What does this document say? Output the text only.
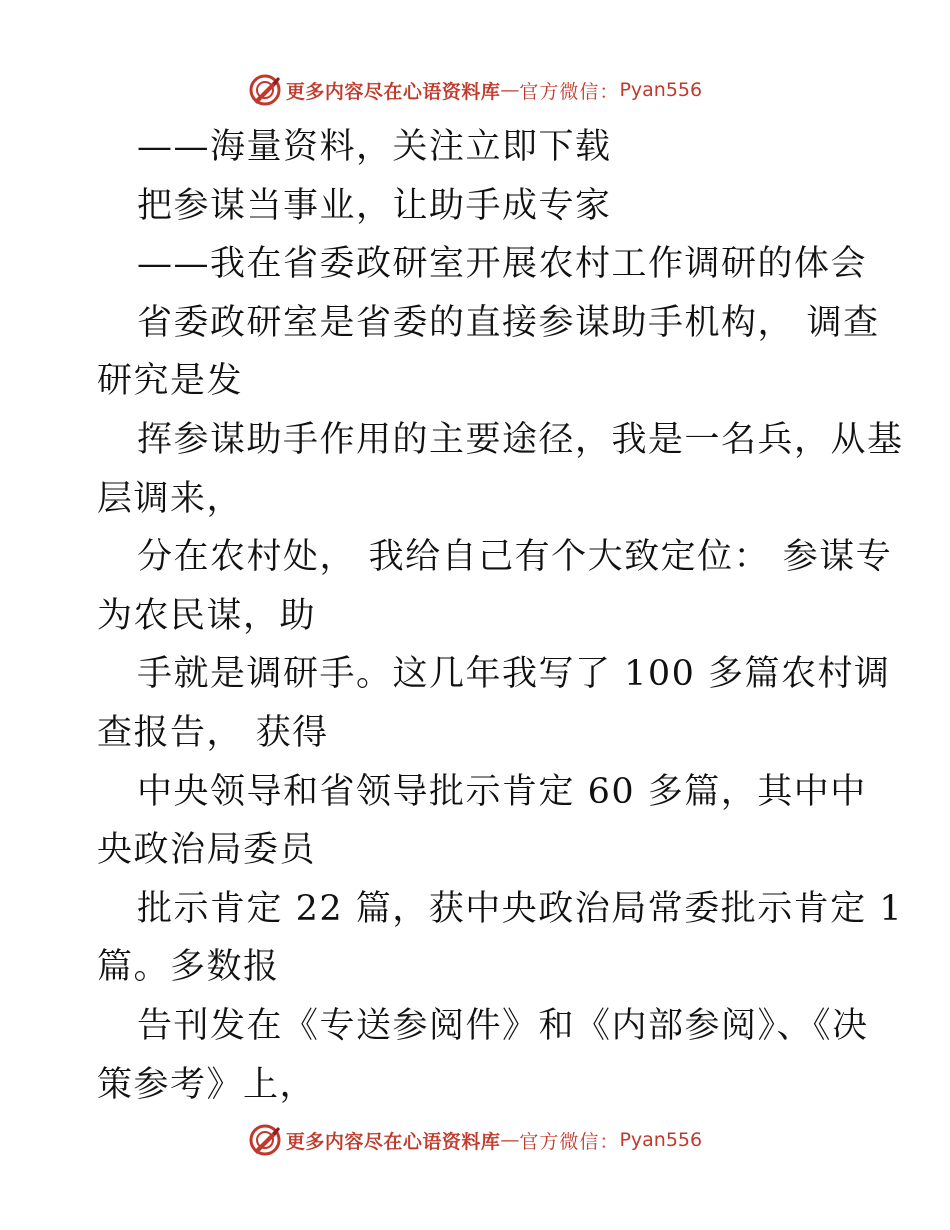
更多内容尽在心语资料库 — 官方微信： Pyan556
——海量资料，关注立即下载
把参谋当事业，让助手成专家
——我在省委政研室开展农村工作调研的体会
省委政研室是省委的直接参谋助手机构， 调查
研究是发
挥参谋助手作用的主要途径，我是一名兵，从基
层调来，
分在农村处， 我给自己有个大致定位： 参谋专
为农民谋，助
手就是调研手。这几年我写了 100 多篇农村调
查报告， 获得
中央领导和省领导批示肯定 60 多篇，其中中
央政治局委员
批示肯定 22 篇，获中央政治局常委批示肯定 1
篇。多数报
告刊发在《专送参阅件》和《内部参阅》、《决
策参考》上，
更多内容尽在心语资料库 — 官方微信： Pyan556
